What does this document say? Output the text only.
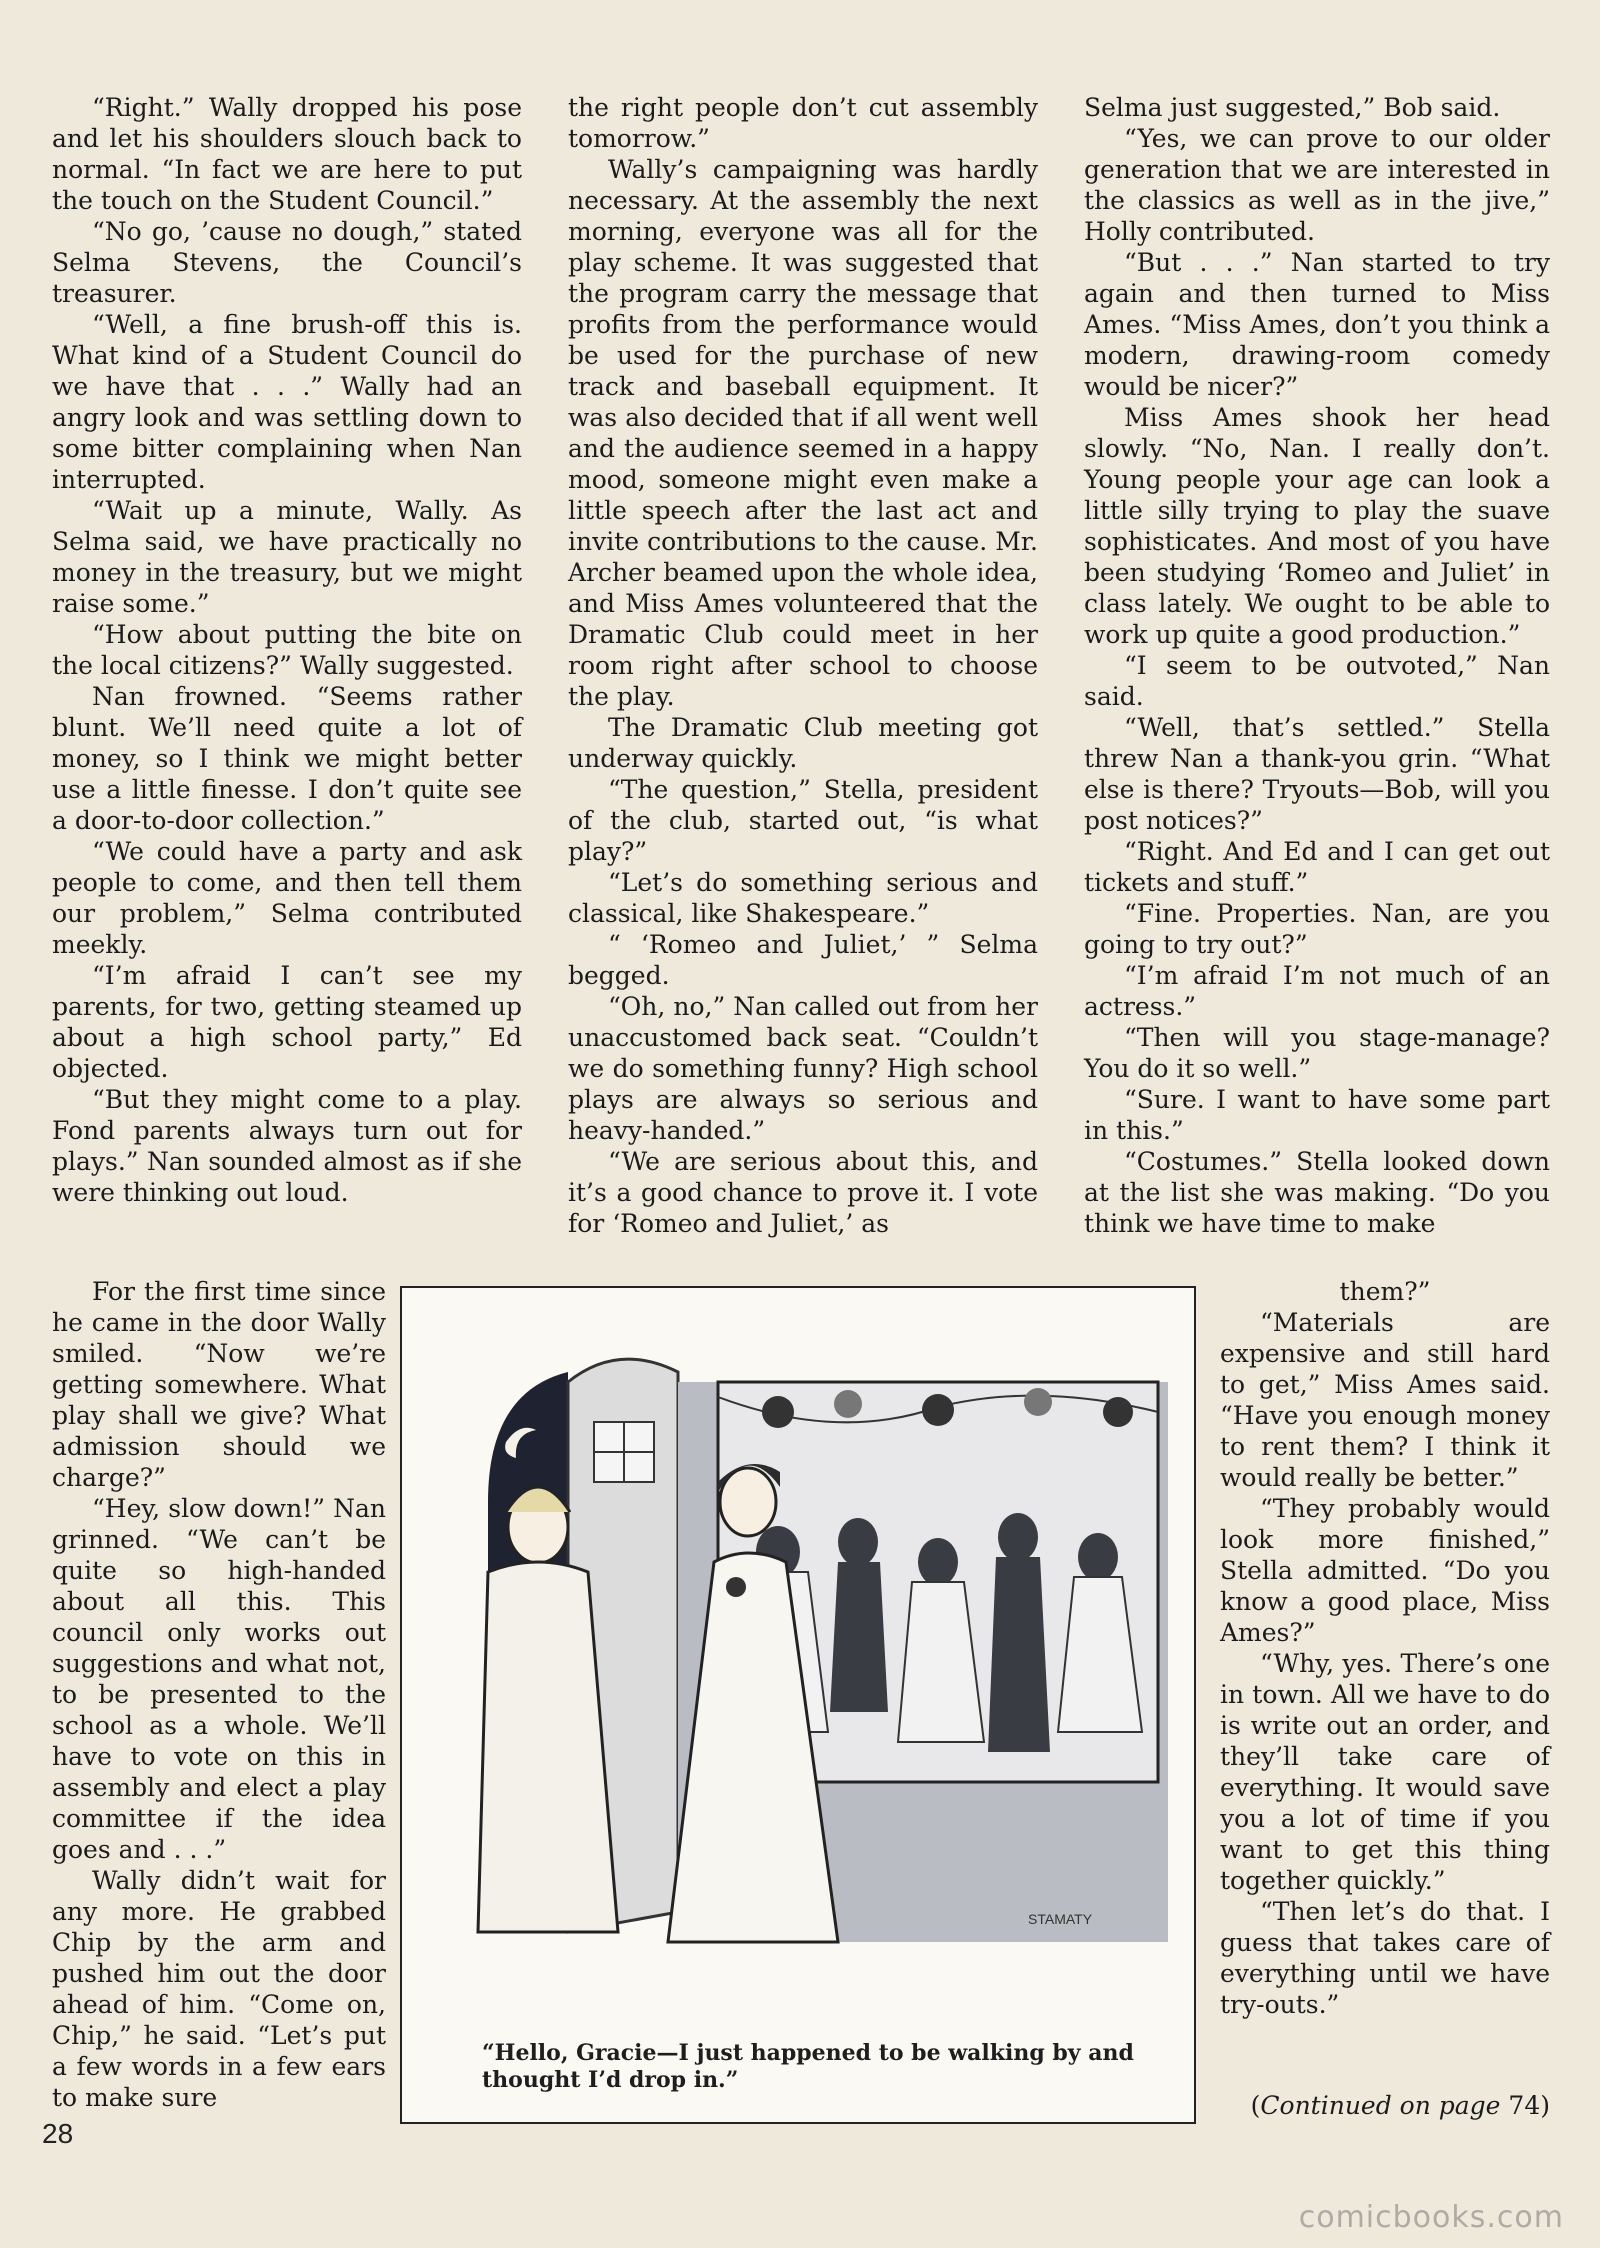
“Right.” Wally dropped his pose and let his shoulders slouch back to normal. “In fact we are here to put the touch on the Student Council.”

“No go, ’cause no dough,” stated Selma Stevens, the Council’s treasurer.

“Well, a fine brush-off this is. What kind of a Student Council do we have that . . .” Wally had an angry look and was settling down to some bitter complaining when Nan interrupted.

“Wait up a minute, Wally. As Selma said, we have practically no money in the treasury, but we might raise some.”

“How about putting the bite on the local citizens?” Wally suggested.

Nan frowned. “Seems rather blunt. We’ll need quite a lot of money, so I think we might better use a little finesse. I don’t quite see a door-to-door collection.”

“We could have a party and ask people to come, and then tell them our problem,” Selma contributed meekly.

“I’m afraid I can’t see my parents, for two, getting steamed up about a high school party,” Ed objected.

“But they might come to a play. Fond parents always turn out for plays.” Nan sounded almost as if she were thinking out loud.

For the first time since he came in the door Wally smiled. “Now we’re getting somewhere. What play shall we give? What admission should we charge?”

“Hey, slow down!” Nan grinned. “We can’t be quite so high-handed about all this. This council only works out suggestions and what not, to be presented to the school as a whole. We’ll have to vote on this in assembly and elect a play committee if the idea goes and . . .”

Wally didn’t wait for any more. He grabbed Chip by the arm and pushed him out the door ahead of him. “Come on, Chip,” he said. “Let’s put a few words in a few ears to make sure

the right people don’t cut assembly tomorrow.”

Wally’s campaigning was hardly necessary. At the assembly the next morning, everyone was all for the play scheme. It was suggested that the program carry the message that profits from the performance would be used for the purchase of new track and baseball equipment. It was also decided that if all went well and the audience seemed in a happy mood, someone might even make a little speech after the last act and invite contributions to the cause. Mr. Archer beamed upon the whole idea, and Miss Ames volunteered that the Dramatic Club could meet in her room right after school to choose the play.

The Dramatic Club meeting got underway quickly.

“The question,” Stella, president of the club, started out, “is what play?”

“Let’s do something serious and classical, like Shakespeare.”

“ ‘Romeo and Juliet,’ ” Selma begged.

“Oh, no,” Nan called out from her unaccustomed back seat. “Couldn’t we do something funny? High school plays are always so serious and heavy-handed.”

“We are serious about this, and it’s a good chance to prove it. I vote for ‘Romeo and Juliet,’ as

Selma just suggested,” Bob said.

“Yes, we can prove to our older generation that we are interested in the classics as well as in the jive,” Holly contributed.

“But . . .” Nan started to try again and then turned to Miss Ames. “Miss Ames, don’t you think a modern, drawing-room comedy would be nicer?”

Miss Ames shook her head slowly. “No, Nan. I really don’t. Young people your age can look a little silly trying to play the suave sophisticates. And most of you have been studying ‘Romeo and Juliet’ in class lately. We ought to be able to work up quite a good production.”

“I seem to be outvoted,” Nan said.

“Well, that’s settled.” Stella threw Nan a thank-you grin. “What else is there? Tryouts—Bob, will you post notices?”

“Right. And Ed and I can get out tickets and stuff.”

“Fine. Properties. Nan, are you going to try out?”

“I’m afraid I’m not much of an actress.”

“Then will you stage-manage? You do it so well.”

“Sure. I want to have some part in this.”

“Costumes.” Stella looked down at the list she was making. “Do you think we have time to make

them?”

“Materials are expensive and still hard to get,” Miss Ames said. “Have you enough money to rent them? I think it would really be better.”

“They probably would look more finished,” Stella admitted. “Do you know a good place, Miss Ames?”

“Why, yes. There’s one in town. All we have to do is write out an order, and they’ll take care of everything. It would save you a lot of time if you want to get this thing together quickly.”

“Then let’s do that. I guess that takes care of everything until we have try-outs.”

(Continued on page 74)

STAMATY
“Hello, Gracie—I just happened to be walking by and thought I’d drop in.”
28
comicbooks.com
